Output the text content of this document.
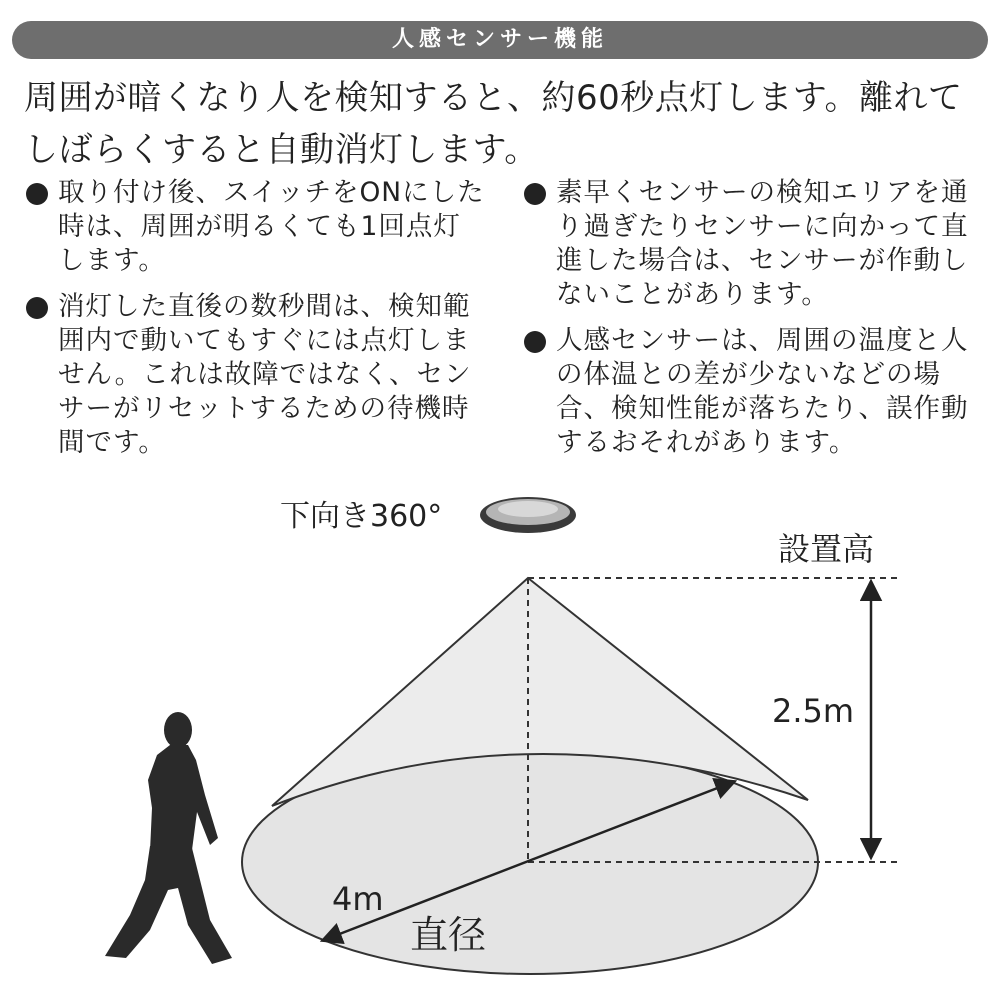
人感センサー機能

周囲が暗くなり人を検知すると、約60秒点灯します。離れてしばらくすると自動消灯します。

取り付け後、スイッチをONにした時は、周囲が明るくても1回点灯します。
消灯した直後の数秒間は、検知範囲内で動いてもすぐには点灯しません。これは故障ではなく、センサーがリセットするための待機時間です。
素早くセンサーの検知エリアを通り過ぎたりセンサーに向かって直進した場合は、センサーが作動しないことがあります。
人感センサーは、周囲の温度と人の体温との差が少ないなどの場合、検知性能が落ちたり、誤作動するおそれがあります。
下向き360°
設置高
2.5m
4m
直径
